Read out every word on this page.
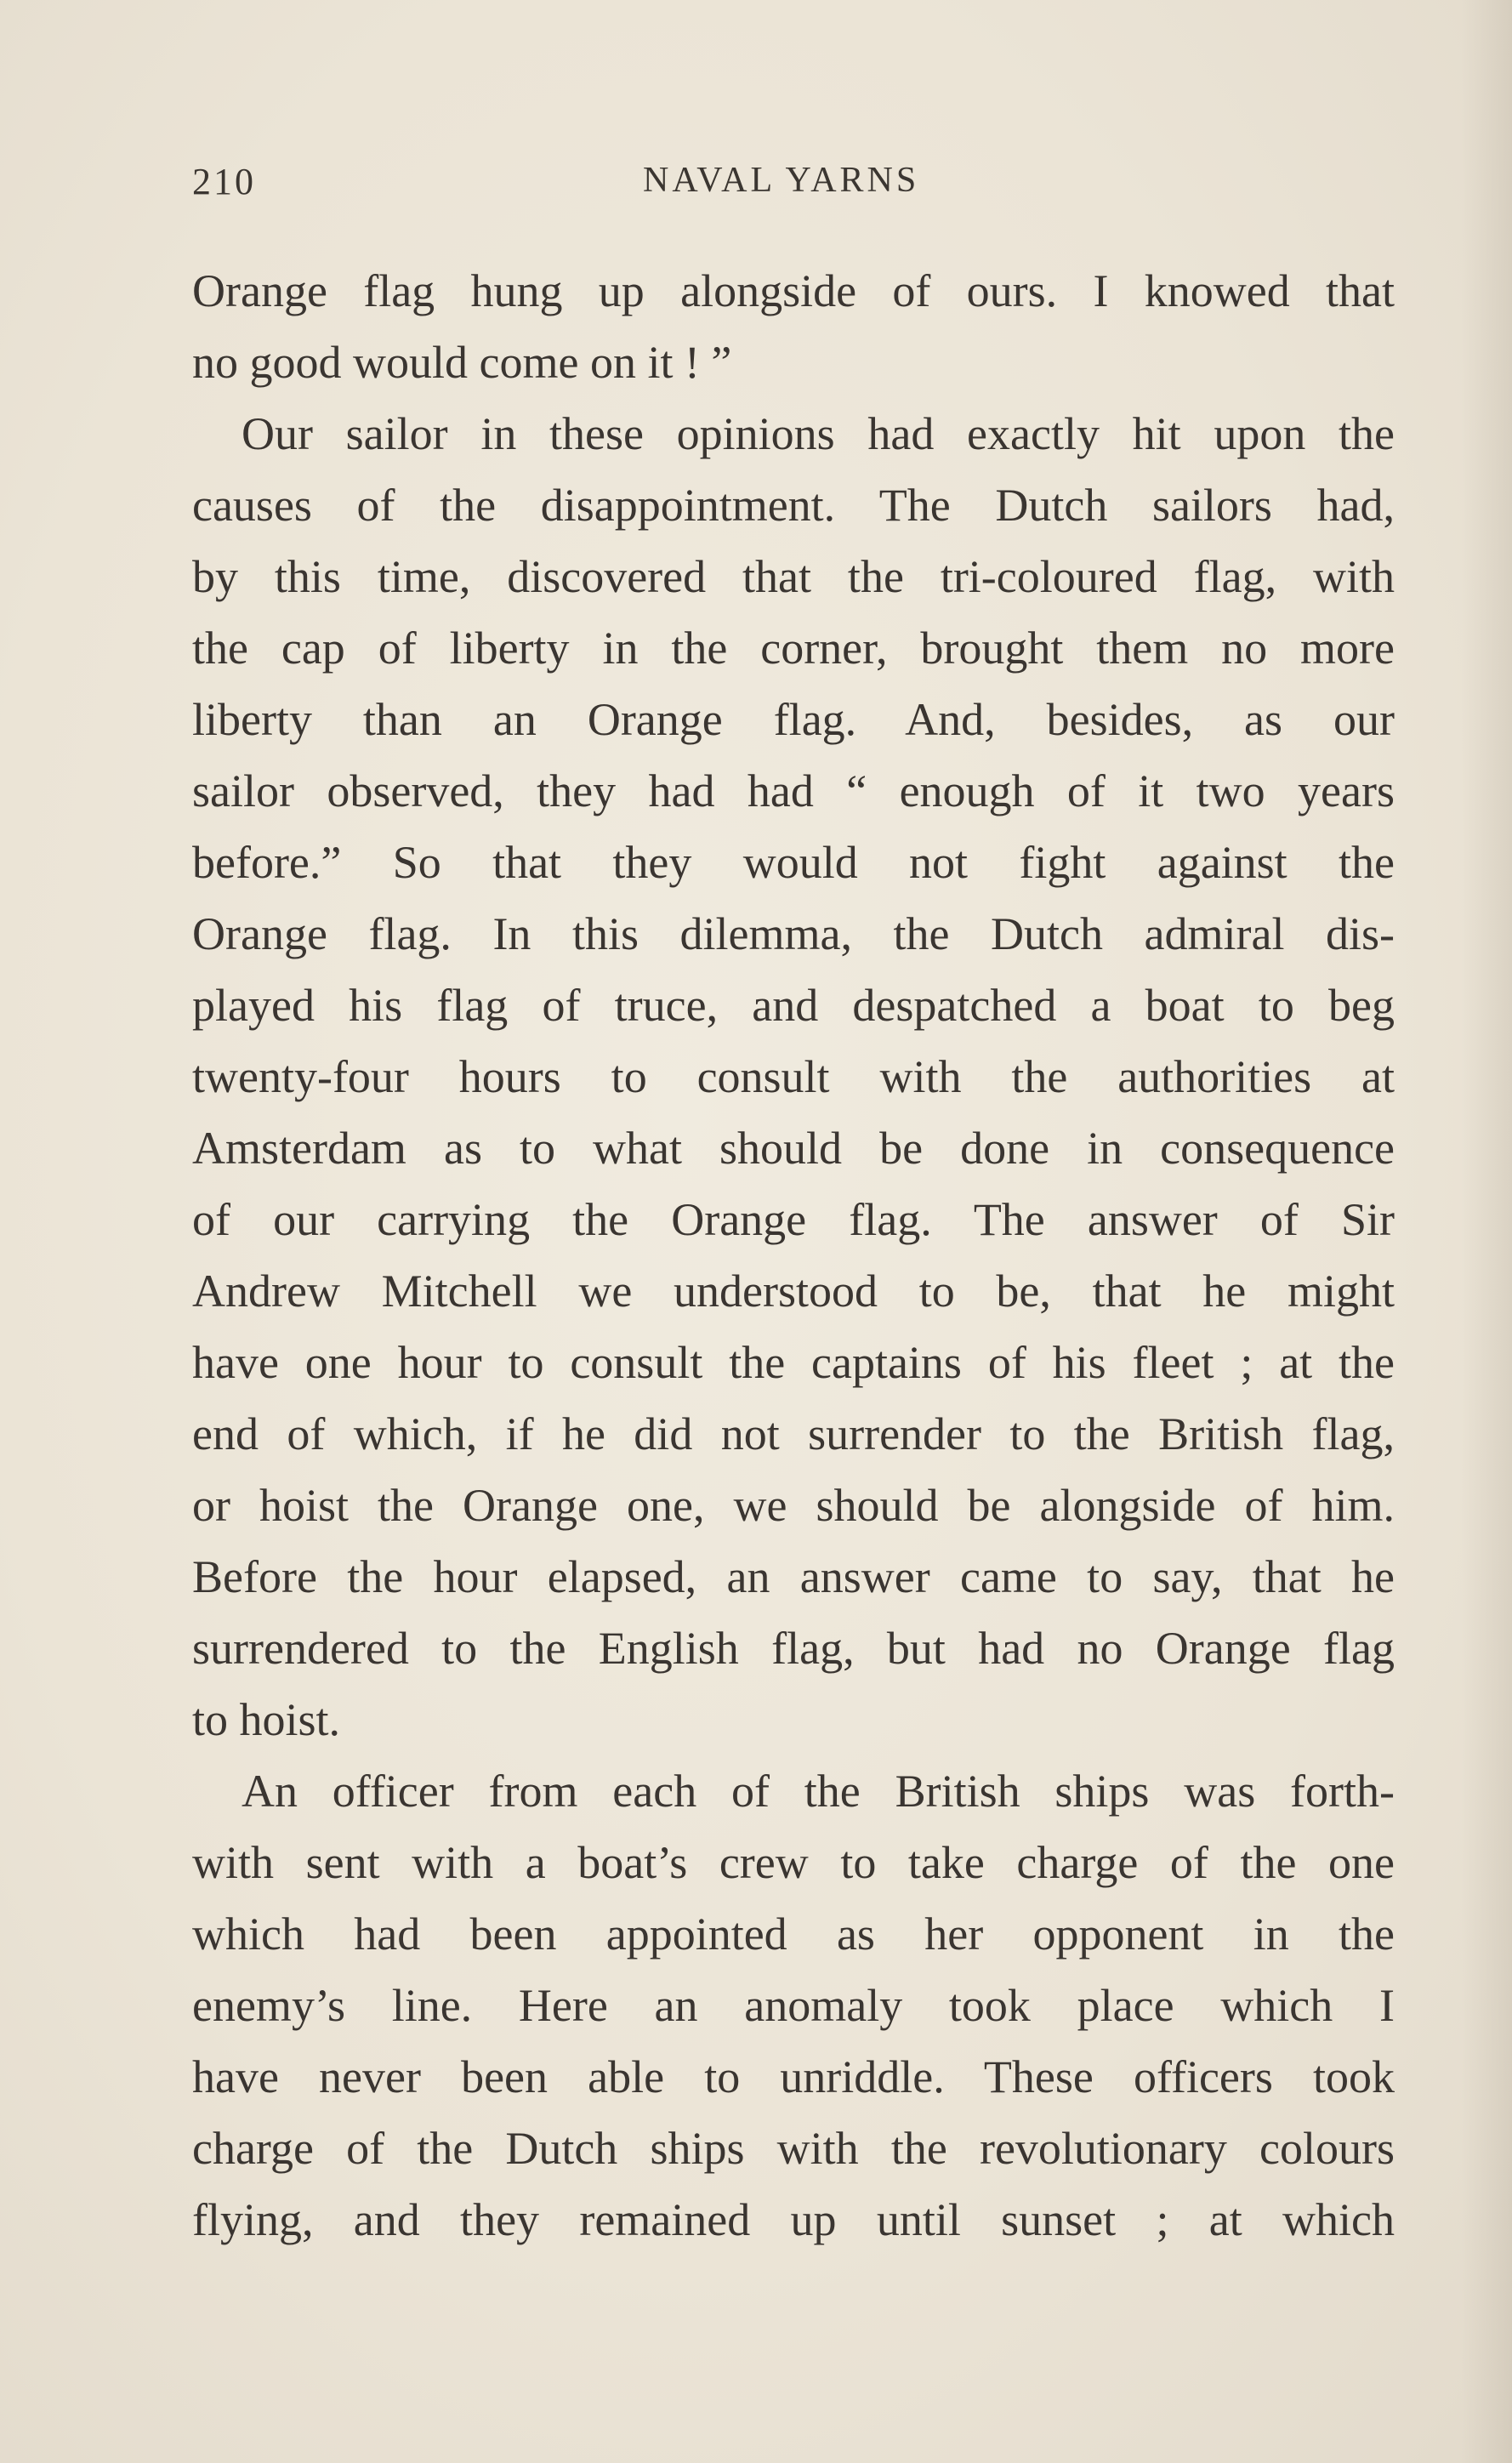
210	NAVAL YARNS
Orange flag hung up alongside of ours. I knowed that
no good would come on it ! ”
Our sailor in these opinions had exactly hit upon the
causes of the disappointment. The Dutch sailors had,
by this time, discovered that the tri-coloured flag, with
the cap of liberty in the corner, brought them no more
liberty than an Orange flag. And, besides, as our
sailor observed, they had had “ enough of it two years
before.” So that they would not fight against the
Orange flag. In this dilemma, the Dutch admiral dis-
played his flag of truce, and despatched a boat to beg
twenty-four hours to consult with the authorities at
Amsterdam as to what should be done in consequence
of our carrying the Orange flag. The answer of Sir
Andrew Mitchell we understood to be, that he might
have one hour to consult the captains of his fleet ; at the
end of which, if he did not surrender to the British flag,
or hoist the Orange one, we should be alongside of him.
Before the hour elapsed, an answer came to say, that he
surrendered to the English flag, but had no Orange flag
to hoist.
An officer from each of the British ships was forth-
with sent with a boat’s crew to take charge of the one
which had been appointed as her opponent in the
enemy’s line. Here an anomaly took place which I
have never been able to unriddle. These officers took
charge of the Dutch ships with the revolutionary colours
flying, and they remained up until sunset ; at which
